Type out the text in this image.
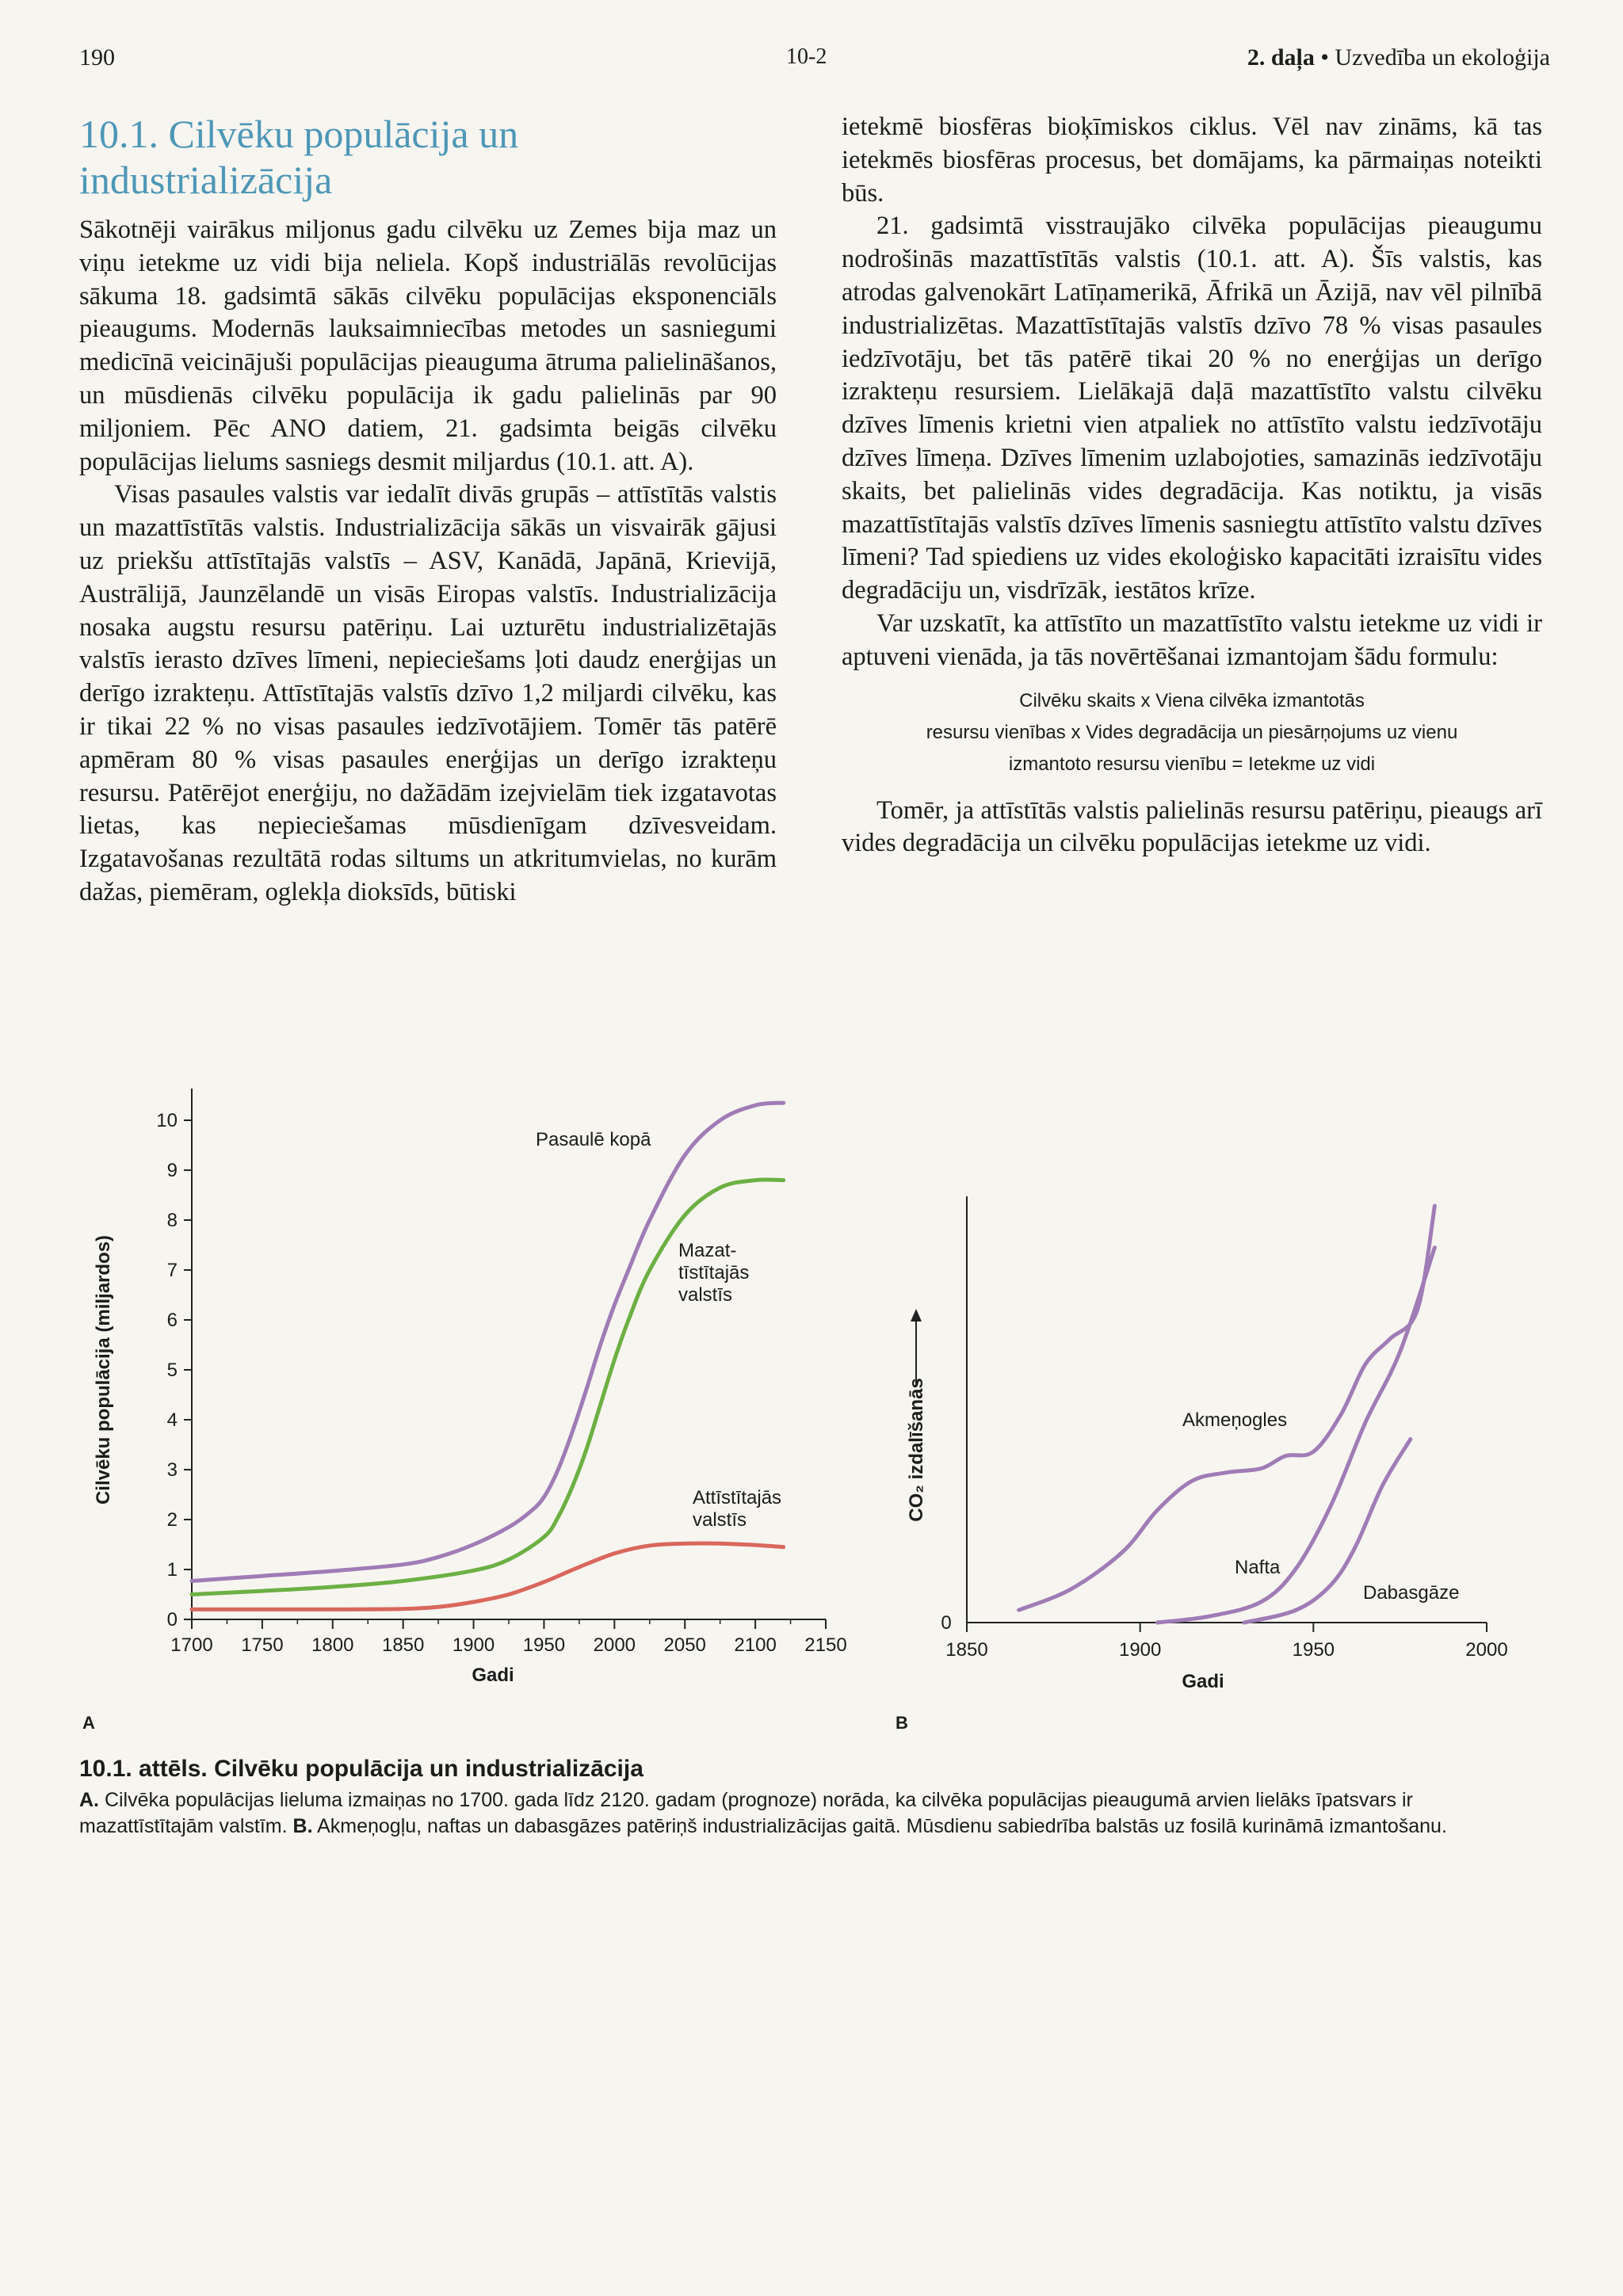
190	10-2	2. daļa • Uzvedība un ekoloģija
10.1. Cilvēku populācija un
industrializācija

Sākotnēji vairākus miljonus gadu cilvēku uz Zemes bija maz un viņu ietekme uz vidi bija neliela. Kopš industriālās revolūcijas sākuma 18. gadsimtā sākās cilvēku populācijas eksponenciāls pieaugums. Modernās lauksaimniecības metodes un sasniegumi medicīnā veicinājuši populācijas pieauguma ātruma palielināšanos, un mūsdienās cilvēku populācija ik gadu palielinās par 90 miljoniem. Pēc ANO datiem, 21. gadsimta beigās cilvēku populācijas lielums sasniegs desmit miljardus (10.1. att. A).

Visas pasaules valstis var iedalīt divās grupās – attīstītās valstis un mazattīstītās valstis. Industrializācija sākās un visvairāk gājusi uz priekšu attīstītajās valstīs – ASV, Kanādā, Japānā, Krievijā, Austrālijā, Jaunzēlandē un visās Eiropas valstīs. Industrializācija nosaka augstu resursu patēriņu. Lai uzturētu industrializētajās valstīs ierasto dzīves līmeni, nepieciešams ļoti daudz enerģijas un derīgo izrakteņu. Attīstītajās valstīs dzīvo 1,2 miljardi cilvēku, kas ir tikai 22 % no visas pasaules iedzīvotājiem. Tomēr tās patērē apmēram 80 % visas pasaules enerģijas un derīgo izrakteņu resursu. Patērējot enerģiju, no dažādām izejvielām tiek izgatavotas lietas, kas nepieciešamas mūsdienīgam dzīvesveidam. Izgatavošanas rezultātā rodas siltums un atkritumvielas, no kurām dažas, piemēram, oglekļa dioksīds, būtiski

ietekmē biosfēras bioķīmiskos ciklus. Vēl nav zināms, kā tas ietekmēs biosfēras procesus, bet domājams, ka pārmaiņas noteikti būs.

21. gadsimtā visstraujāko cilvēka populācijas pieaugumu nodrošinās mazattīstītās valstis (10.1. att. A). Šīs valstis, kas atrodas galvenokārt Latīņamerikā, Āfrikā un Āzijā, nav vēl pilnībā industrializētas. Mazattīstītajās valstīs dzīvo 78 % visas pasaules iedzīvotāju, bet tās patērē tikai 20 % no enerģijas un derīgo izrakteņu resursiem. Lielākajā daļā mazattīstīto valstu cilvēku dzīves līmenis krietni vien atpaliek no attīstīto valstu iedzīvotāju dzīves līmeņa. Dzīves līmenim uzlabojoties, samazinās iedzīvotāju skaits, bet palielinās vides degradācija. Kas notiktu, ja visās mazattīstītajās valstīs dzīves līmenis sasniegtu attīstīto valstu dzīves līmeni? Tad spiediens uz vides ekoloģisko kapacitāti izraisītu vides degradāciju un, visdrīzāk, iestātos krīze.

Var uzskatīt, ka attīstīto un mazattīstīto valstu ietekme uz vidi ir aptuveni vienāda, ja tās novērtēšanai izmantojam šādu formulu:

Cilvēku skaits x Viena cilvēka izmantotās
resursu vienības x Vides degradācija un piesārņojums uz vienu
izmantoto resursu vienību = Ietekme uz vidi

Tomēr, ja attīstītās valstis palielinās resursu patēriņu, pieaugs arī vides degradācija un cilvēku populācijas ietekme uz vidi.

0
1
2
3
4
5
6
7
8
9
10
1700 1750 1800 1850 1900 1950 2000 2050 2100 2150
Gadi
Cilvēku populācija (miljardos)
Pasaulē kopā
Mazat-
tīstītajās
valstīs
Attīstītajās
valstīs
0
1850	1900	1950	2000
Gadi
CO₂ izdalīšanās	Akmeņogles
Nafta
Dabasgāze
A	B
10.1. attēls. Cilvēku populācija un industrializācija
A. Cilvēka populācijas lieluma izmaiņas no 1700. gada līdz 2120. gadam (prognoze) norāda, ka cilvēka populācijas pieaugumā arvien lielāks īpatsvars ir mazattīstītajām valstīm. B. Akmeņogļu, naftas un dabasgāzes patēriņš industrializācijas gaitā. Mūsdienu sabiedrība balstās uz fosilā kurināmā izmantošanu.
